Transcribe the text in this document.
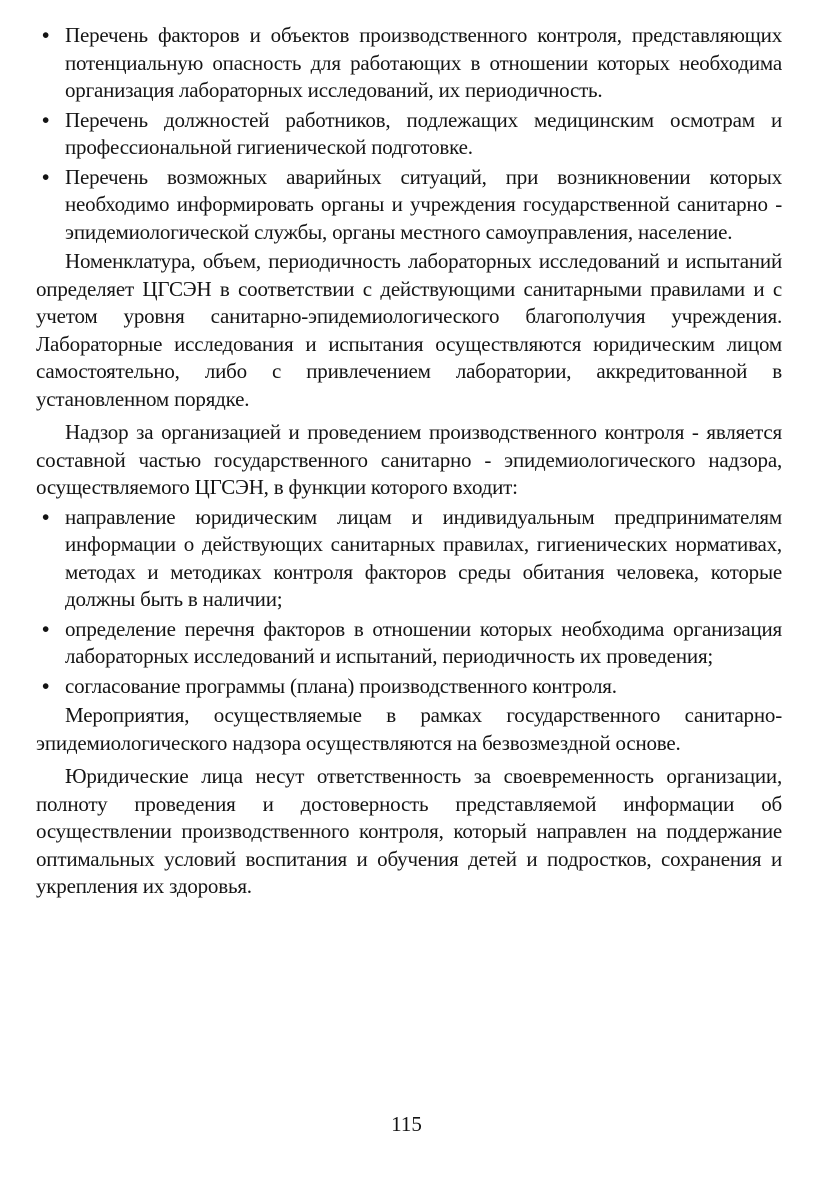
• Перечень факторов и объектов производственного контроля, представляющих потенциальную опасность для работающих в отношении которых необходима организация лабораторных исследований, их периодичность.
• Перечень должностей работников, подлежащих медицинским осмотрам и профессиональной гигиенической подготовке.
• Перечень возможных аварийных ситуаций, при возникновении которых необходимо информировать органы и учреждения государственной санитарно - эпидемиологической службы, органы местного самоуправления, население.

Номенклатура, объем, периодичность лабораторных исследований и испытаний определяет ЦГСЭН в соответствии с действующими санитарными правилами и с учетом уровня санитарно-эпидемиологического благополучия учреждения. Лабораторные исследования и испытания осуществляются юридическим лицом самостоятельно, либо с привлечением лаборатории, аккредитованной в установленном порядке.

Надзор за организацией и проведением производственного контроля - является составной частью государственного санитарно - эпидемиологического надзора, осуществляемого ЦГСЭН, в функции которого входит:

• направление юридическим лицам и индивидуальным предпринимателям информации о действующих санитарных правилах, гигиенических нормативах, методах и методиках контроля факторов среды обитания человека, которые должны быть в наличии;
• определение перечня факторов в отношении которых необходима организация лабораторных исследований и испытаний, периодичность их проведения;
• согласование программы (плана) производственного контроля.

Мероприятия, осуществляемые в рамках государственного санитарно-эпидемиологического надзора осуществляются на безвозмездной основе.

Юридические лица несут ответственность за своевременность организации, полноту проведения и достоверность представляемой информации об осуществлении производственного контроля, который направлен на поддержание оптимальных условий воспитания и обучения детей и подростков, сохранения и укрепления их здоровья.

115
